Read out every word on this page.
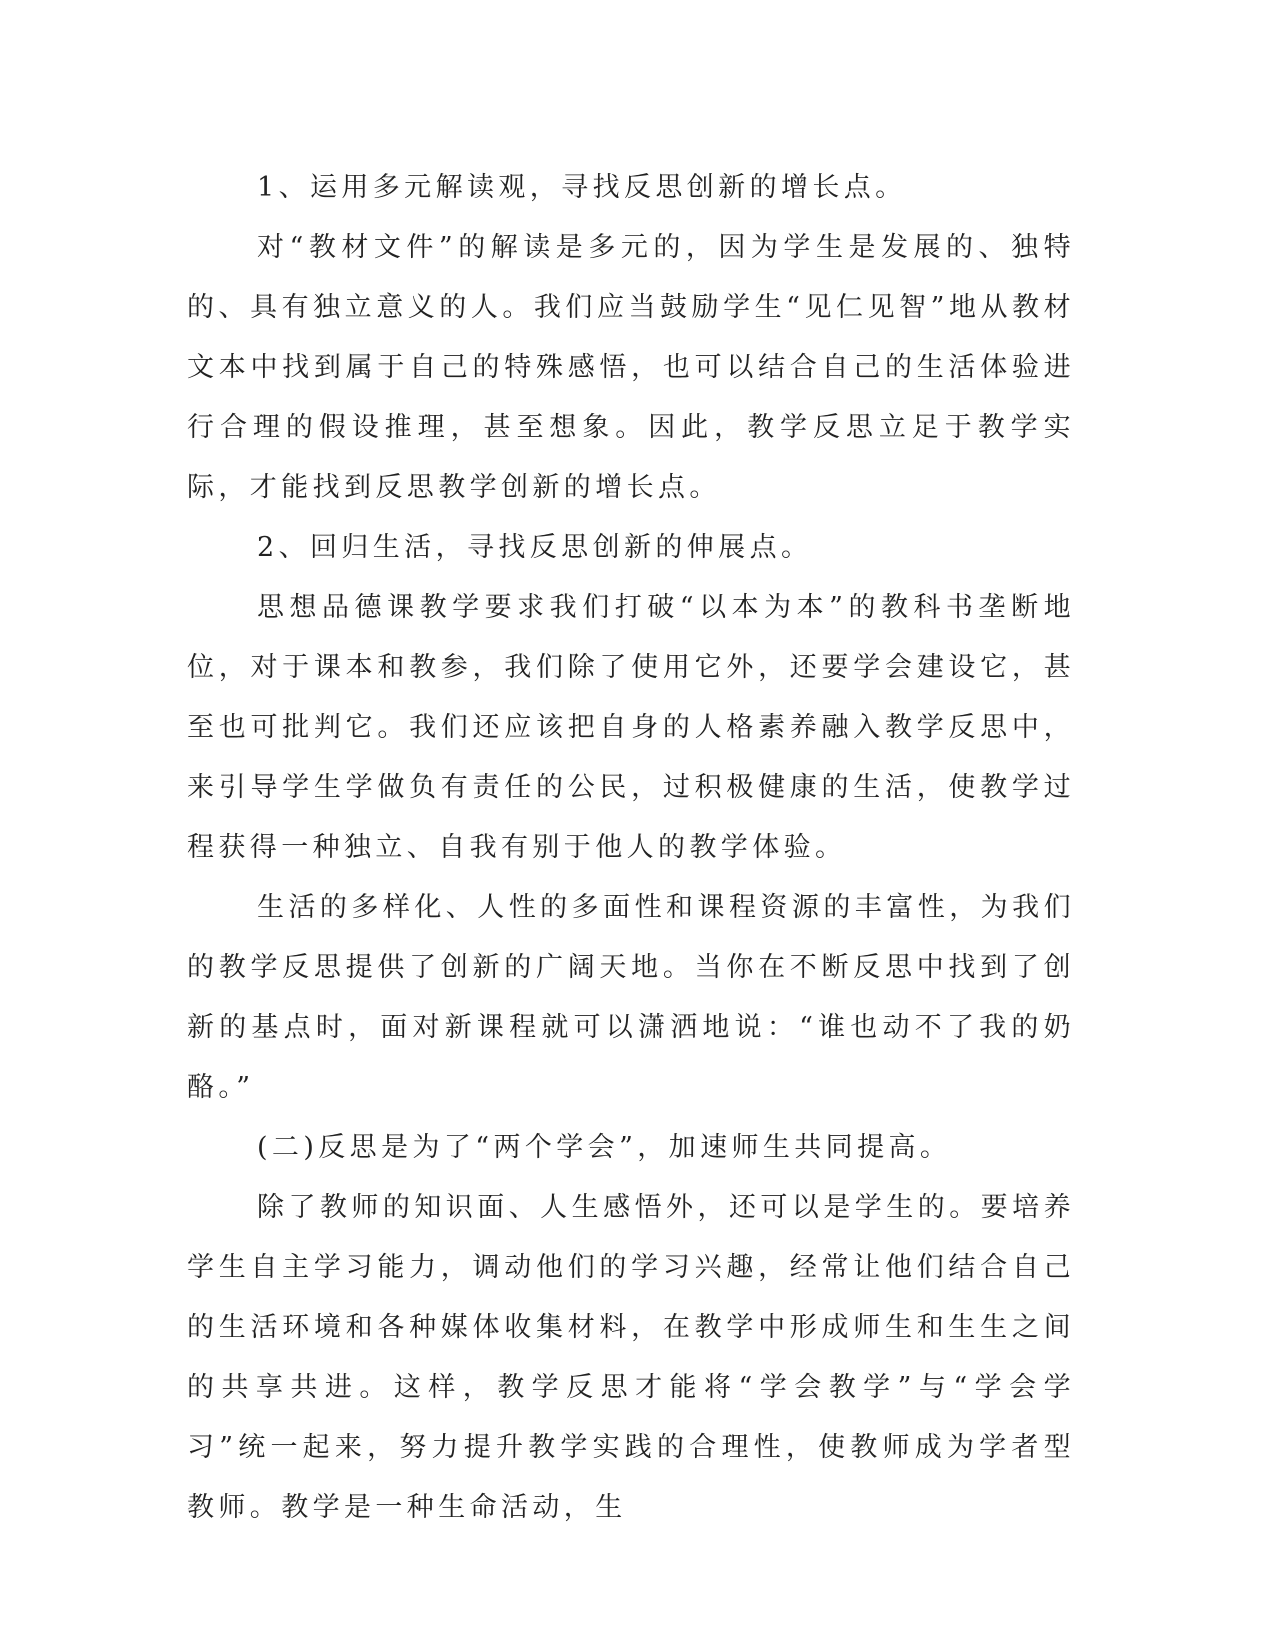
1、运用多元解读观，寻找反思创新的增长点。

对“教材文件”的解读是多元的，因为学生是发展的、独特的、具有独立意义的人。我们应当鼓励学生“见仁见智”地从教材文本中找到属于自己的特殊感悟，也可以结合自己的生活体验进行合理的假设推理，甚至想象。因此，教学反思立足于教学实际，才能找到反思教学创新的增长点。

2、回归生活，寻找反思创新的伸展点。

思想品德课教学要求我们打破“以本为本”的教科书垄断地位，对于课本和教参，我们除了使用它外，还要学会建设它，甚至也可批判它。我们还应该把自身的人格素养融入教学反思中，来引导学生学做负有责任的公民，过积极健康的生活，使教学过程获得一种独立、自我有别于他人的教学体验。

生活的多样化、人性的多面性和课程资源的丰富性，为我们的教学反思提供了创新的广阔天地。当你在不断反思中找到了创新的基点时，面对新课程就可以潇洒地说：“谁也动不了我的奶酪。”

(二)反思是为了“两个学会”，加速师生共同提高。

除了教师的知识面、人生感悟外，还可以是学生的。要培养学生自主学习能力，调动他们的学习兴趣，经常让他们结合自己的生活环境和各种媒体收集材料，在教学中形成师生和生生之间的共享共进。这样，教学反思才能将“学会教学”与“学会学习”统一起来，努力提升教学实践的合理性，使教师成为学者型教师。教学是一种生命活动，生
